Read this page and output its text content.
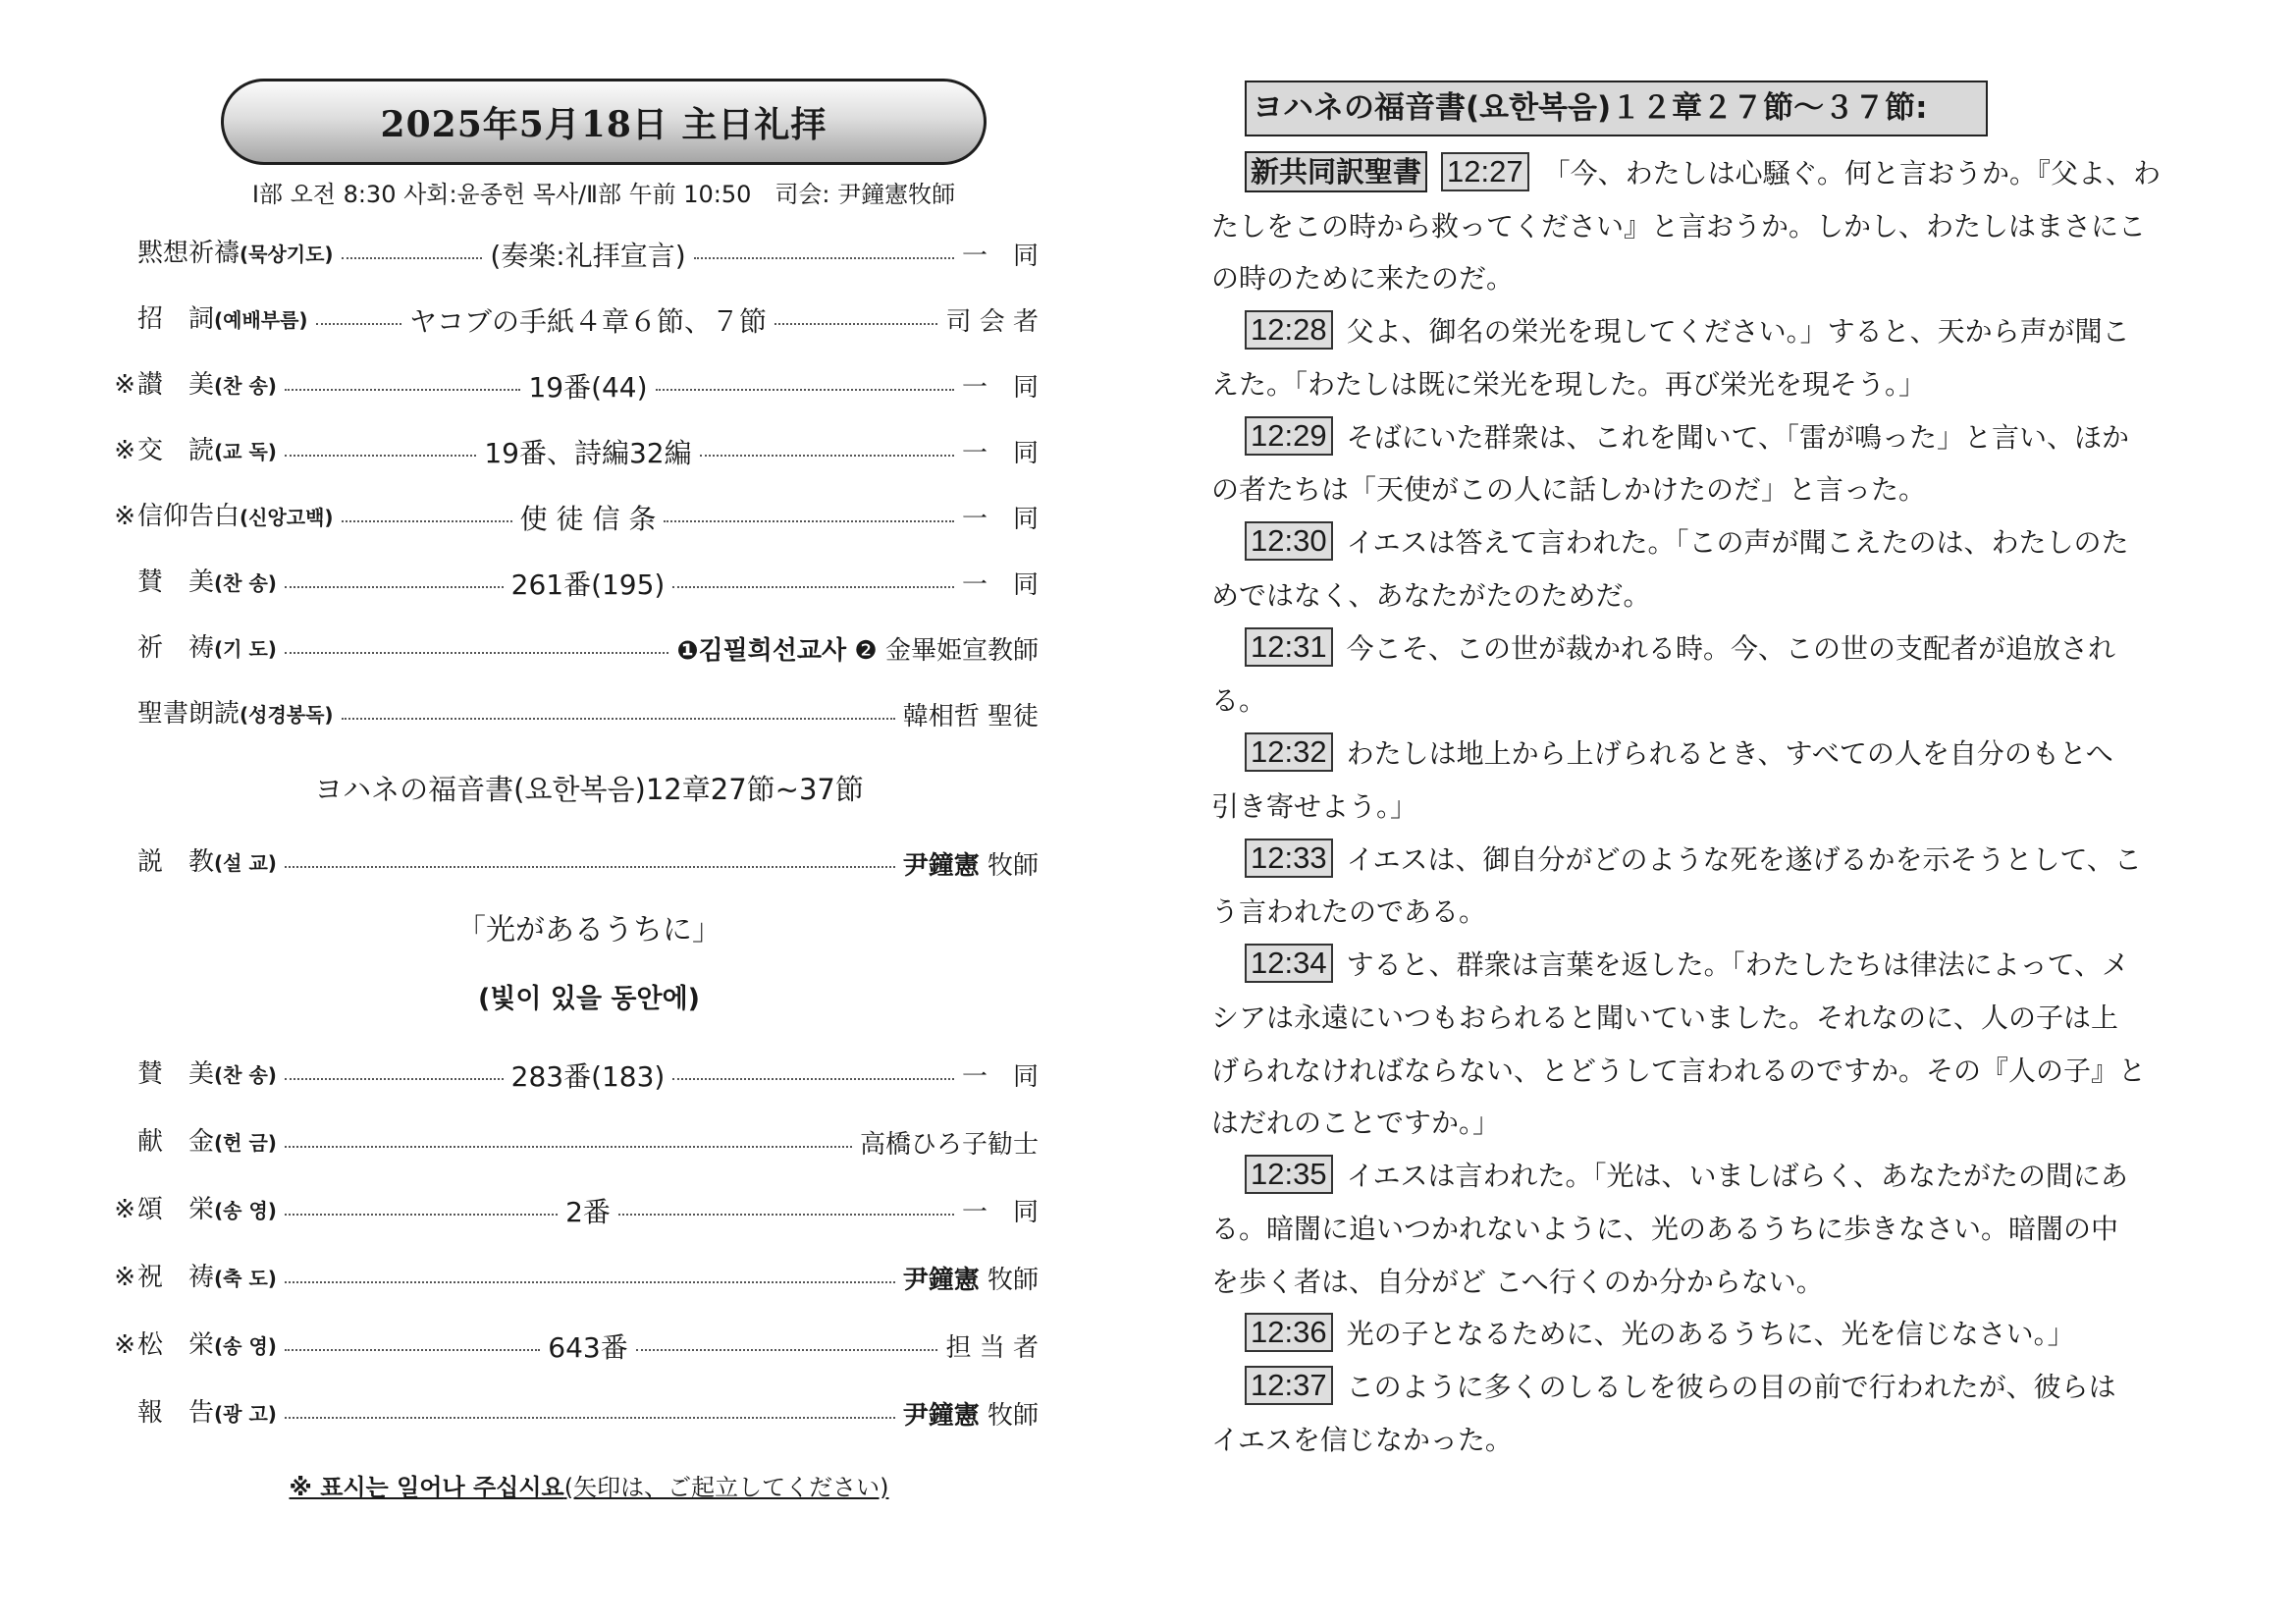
2025年5月18日 主日礼拝
Ⅰ部 오전 8:30 사회:윤종헌 목사/Ⅱ部 午前 10:50　司会: 尹鐘憲牧師
黙想祈禱(묵상기도)	(奏楽:礼拝宣言)	一　同
招　詞(예배부름)	ヤコブの手紙４章６節、７節	司 会 者
※ 讃　美(찬 송)	19番(44)	一　同
※ 交　読(교 독)	19番、詩編32編	一　同
※ 信仰告白(신앙고백)	使 徒 信 条	一　同
賛　美(찬 송)	261番(195)	一　同
祈　祷(기 도)	❶김필희선교사 ❷ 金畢姫宣教師
聖書朗読(성경봉독)	韓相哲 聖徒
ヨハネの福音書(요한복음)12章27節~37節
説　教(설 교)	尹鐘憲 牧師
「光があるうちに」
(빛이 있을 동안에)
賛　美(찬 송)	283番(183)	一　同
献　金(헌 금)	高橋ひろ子勧士
※ 頌　栄(송 영)	2番	一　同
※ 祝　祷(축 도)	尹鐘憲 牧師
※ 松　栄(송 영)	643番	担 当 者
報　告(광 고)	尹鐘憲 牧師
※ 표시는 일어나 주십시요(矢印は、ご起立してください)
ヨハネの福音書(요한복음)１２章２７節～３７節:
新共同訳聖書 12:27 「今、わたしは心騒ぐ。何と言おうか。『父よ、わ
たしをこの時から救ってください』と言おうか。しかし、わたしはまさにこ
の時のために来たのだ。
12:28 父よ、御名の栄光を現してください。」すると、天から声が聞こ
えた。「わたしは既に栄光を現した。再び栄光を現そう。」
12:29 そばにいた群衆は、これを聞いて、「雷が鳴った」と言い、ほか
の者たちは「天使がこの人に話しかけたのだ」と言った。
12:30 イエスは答えて言われた。「この声が聞こえたのは、わたしのた
めではなく、あなたがたのためだ。
12:31 今こそ、この世が裁かれる時。今、この世の支配者が追放され
る。
12:32 わたしは地上から上げられるとき、すべての人を自分のもとへ
引き寄せよう。」
12:33 イエスは、御自分がどのような死を遂げるかを示そうとして、こ
う言われたのである。
12:34 すると、群衆は言葉を返した。「わたしたちは律法によって、メ
シアは永遠にいつもおられると聞いていました。それなのに、人の子は上
げられなければならない、とどうして言われるのですか。その『人の子』と
はだれのことですか。」
12:35 イエスは言われた。「光は、いましばらく、あなたがたの間にあ
る。暗闇に追いつかれないように、光のあるうちに歩きなさい。暗闇の中
を歩く者は、自分がど こへ行くのか分からない。
12:36 光の子となるために、光のあるうちに、光を信じなさい。」
12:37 このように多くのしるしを彼らの目の前で行われたが、彼らは
イエスを信じなかった。
